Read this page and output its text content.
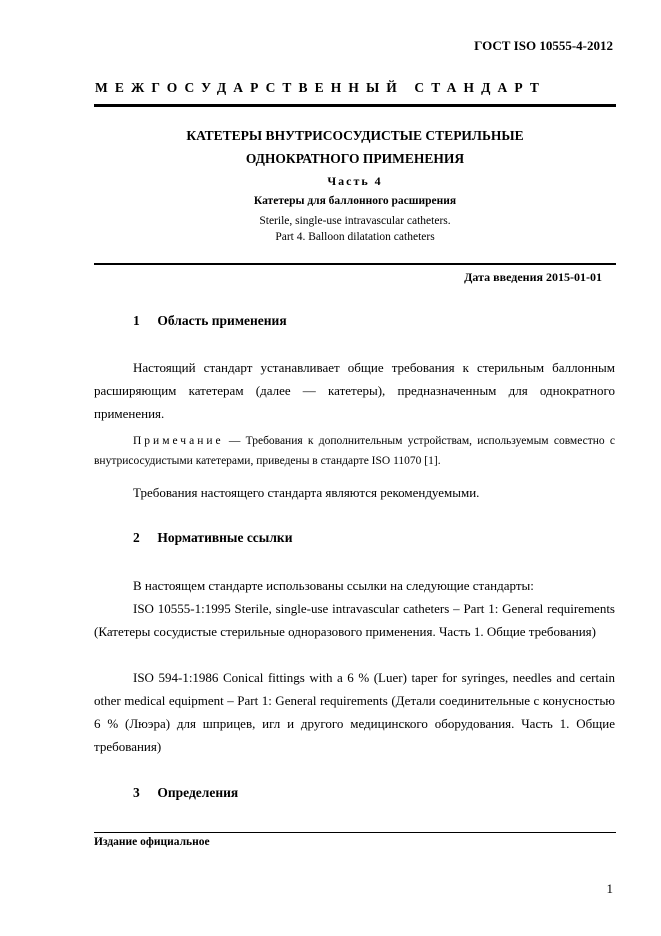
ГОСТ ISO 10555-4-2012
МЕЖГОСУДАРСТВЕННЫЙ СТАНДАРТ
КАТЕТЕРЫ ВНУТРИСОСУДИСТЫЕ СТЕРИЛЬНЫЕ
ОДНОКРАТНОГО ПРИМЕНЕНИЯ
Часть 4
Катетеры для баллонного расширения
Sterile, single-use intravascular catheters.
Part 4. Balloon dilatation catheters
Дата введения 2015-01-01
1 Область применения
Настоящий стандарт устанавливает общие требования к стерильным баллонным расширяющим катетерам (далее — катетеры), предназначенным для однократного применения.
Примечание — Требования к дополнительным устройствам, используемым совместно с внутрисосудистыми катетерами, приведены в стандарте ISO 11070 [1].
Требования настоящего стандарта являются рекомендуемыми.
2 Нормативные ссылки
В настоящем стандарте использованы ссылки на следующие стандарты:
ISO 10555-1:1995 Sterile, single-use intravascular catheters – Part 1: General requirements (Катетеры сосудистые стерильные одноразового применения. Часть 1. Общие требования)
ISO 594-1:1986 Conical fittings with a 6 % (Luer) taper for syringes, needles and certain other medical equipment – Part 1: General requirements (Детали соединительные с конусностью 6 % (Люэра) для шприцев, игл и другого медицинского оборудования. Часть 1. Общие требования)
3 Определения
Издание официальное
1
